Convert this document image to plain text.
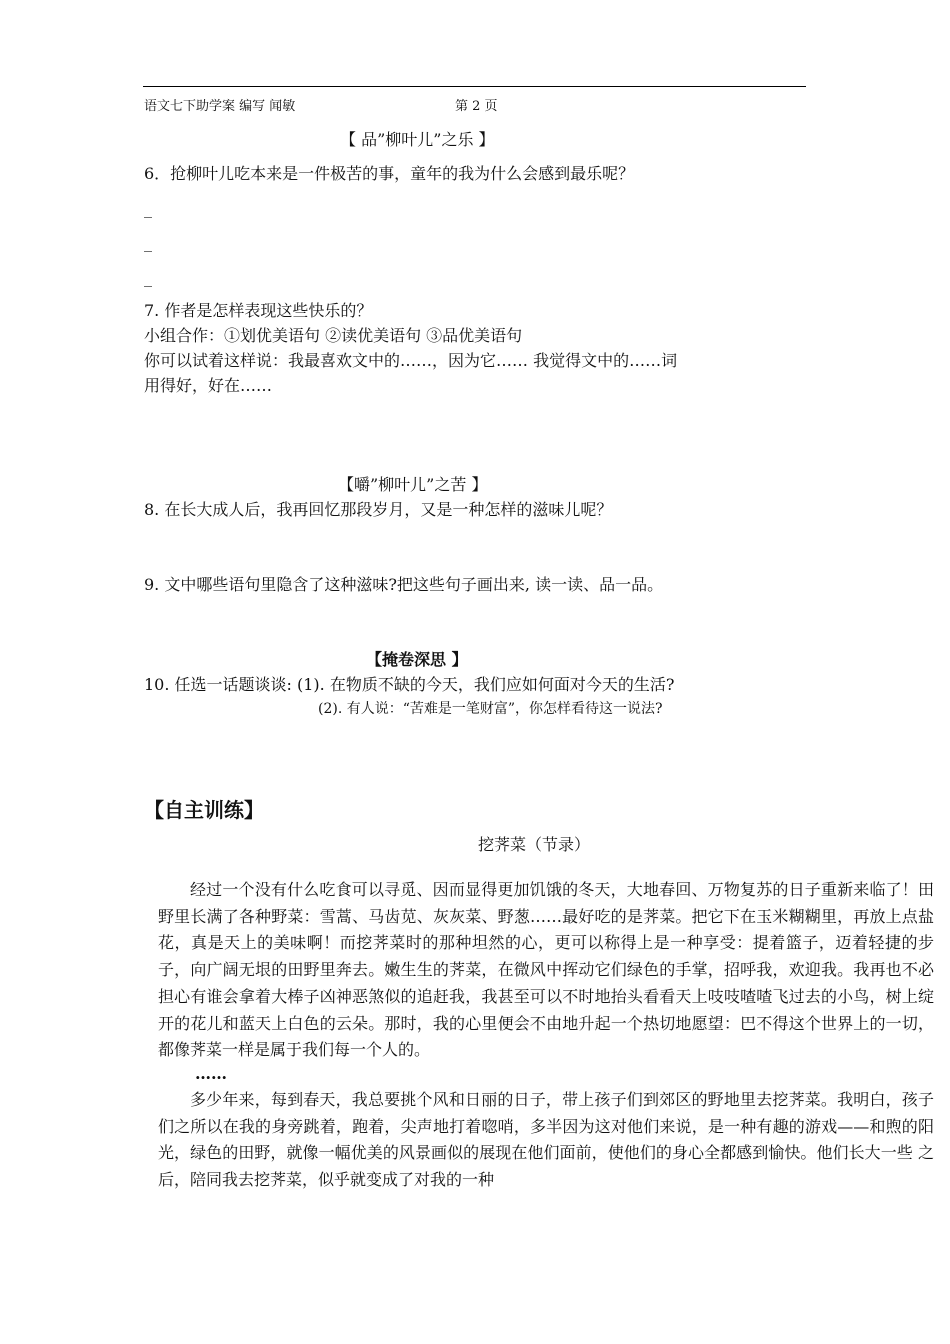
语文七下助学案 编写 闻敏	第 2 页
【 品”柳叶儿”之乐 】
6．抢柳叶儿吃本来是一件极苦的事，童年的我为什么会感到最乐呢？
_
_
_
7. 作者是怎样表现这些快乐的？
小组合作：①划优美语句 ②读优美语句 ③品优美语句
你可以试着这样说：我最喜欢文中的……，因为它…… 我觉得文中的……词
用得好，好在……
【嚼”柳叶儿”之苦 】
8. 在长大成人后，我再回忆那段岁月，又是一种怎样的滋味儿呢？
9. 文中哪些语句里隐含了这种滋味?把这些句子画出来, 读一读、品一品。
【掩卷深思 】
10. 任选一话题谈谈: (1). 在物质不缺的今天，我们应如何面对今天的生活?
(2). 有人说：“苦难是一笔财富”，你怎样看待这一说法?
【自主训练】
挖荠菜（节录）

经过一个没有什么吃食可以寻觅、因而显得更加饥饿的冬天，大地春回、万物复苏的日子重新来临了！田野里长满了各种野菜：雪蒿、马齿苋、灰灰菜、野葱……最好吃的是荠菜。把它下在玉米糊糊里，再放上点盐花，真是天上的美味啊！而挖荠菜时的那种坦然的心，更可以称得上是一种享受：提着篮子，迈着轻捷的步子，向广阔无垠的田野里奔去。嫩生生的荠菜，在微风中挥动它们绿色的手掌，招呼我，欢迎我。我再也不必担心有谁会拿着大棒子凶神恶煞似的追赶我，我甚至可以不时地抬头看看天上吱吱喳喳飞过去的小鸟，树上绽开的花儿和蓝天上白色的云朵。那时，我的心里便会不由地升起一个热切地愿望：巴不得这个世界上的一切，都像荠菜一样是属于我们每一个人的。

……

多少年来，每到春天，我总要挑个风和日丽的日子，带上孩子们到郊区的野地里去挖荠菜。我明白，孩子们之所以在我的身旁跳着，跑着，尖声地打着唿哨，多半因为这对他们来说，是一种有趣的游戏——和煦的阳光，绿色的田野，就像一幅优美的风景画似的展现在他们面前，使他们的身心全都感到愉快。他们长大一些 之后，陪同我去挖荠菜，似乎就变成了对我的一种
